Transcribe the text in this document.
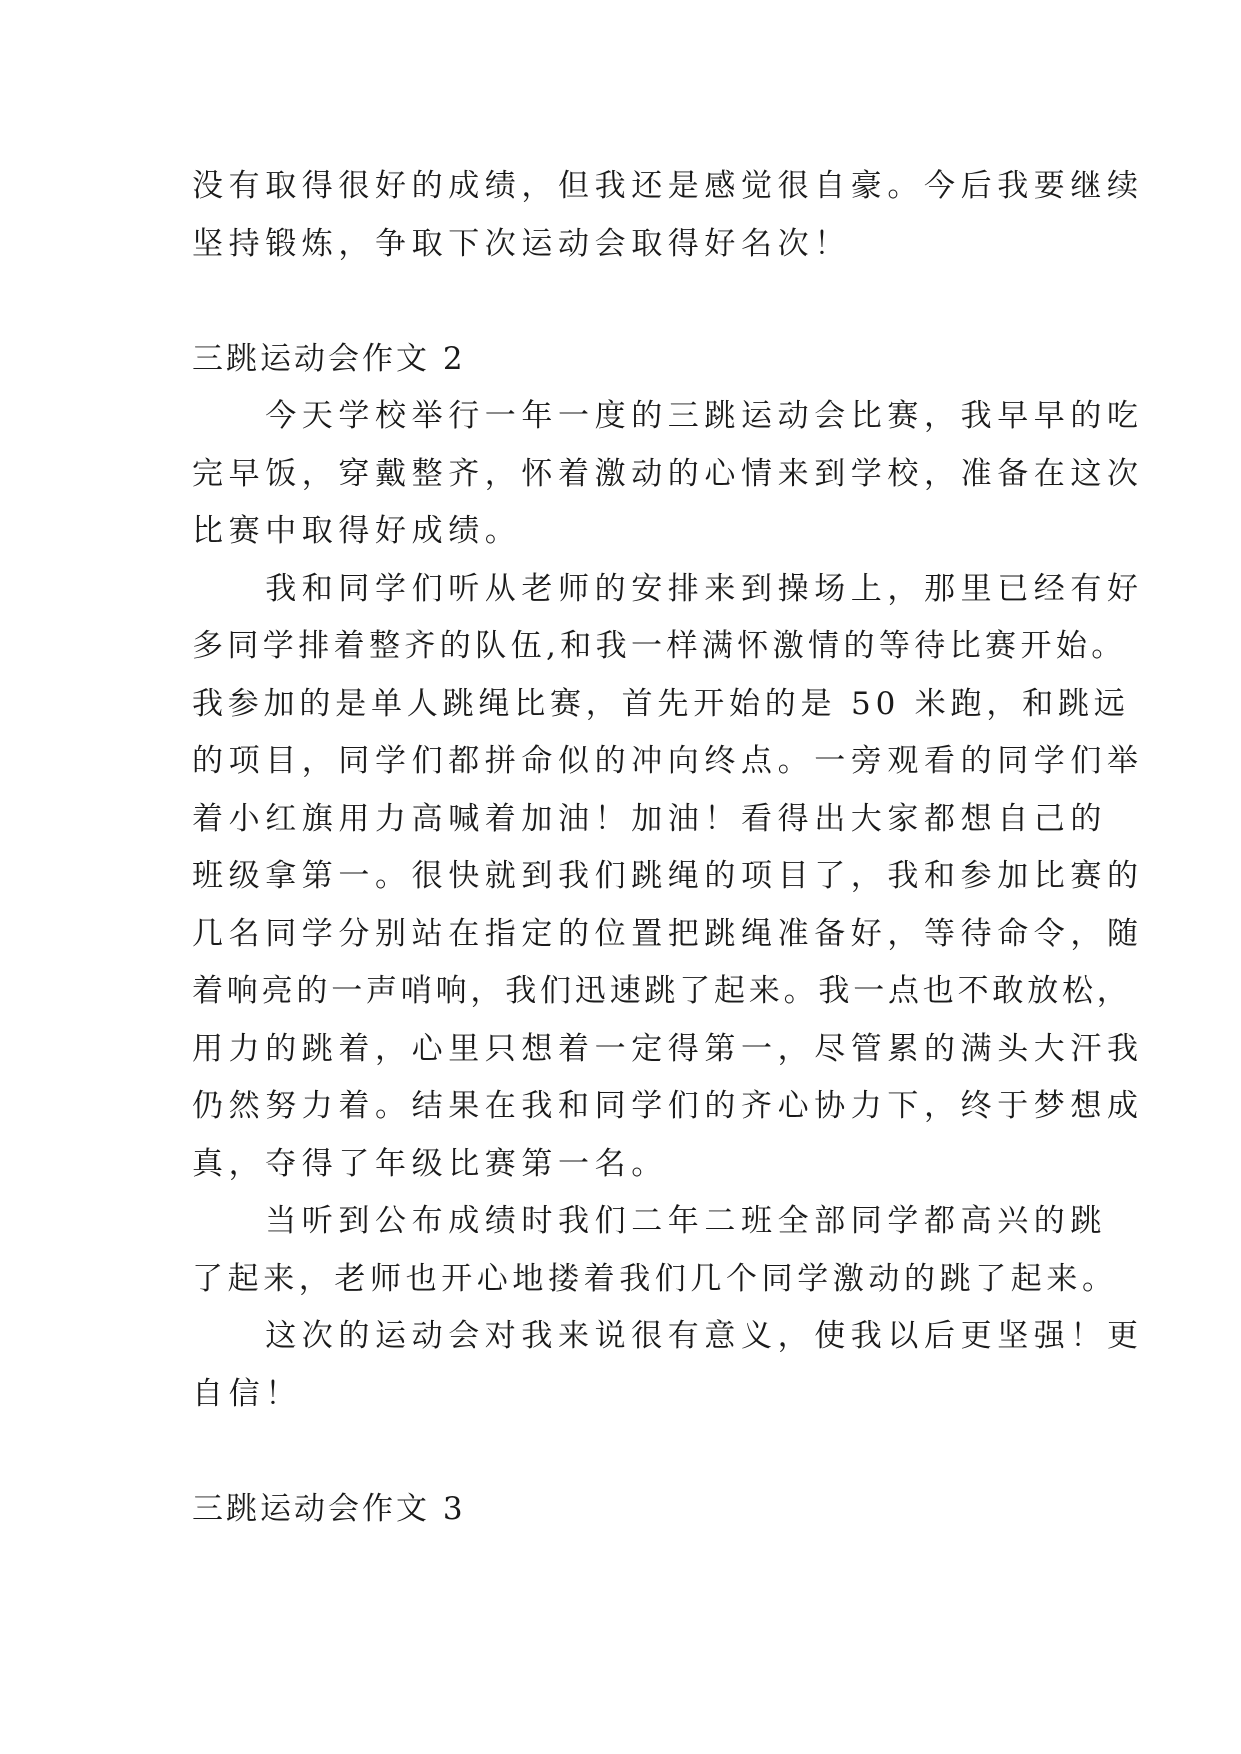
没有取得很好的成绩，但我还是感觉很自豪。今后我要继续

坚持锻炼，争取下次运动会取得好名次！

三跳运动会作文 2

　　今天学校举行一年一度的三跳运动会比赛，我早早的吃

完早饭，穿戴整齐，怀着激动的心情来到学校，准备在这次

比赛中取得好成绩。

　　我和同学们听从老师的安排来到操场上，那里已经有好

多同学排着整齐的队伍,和我一样满怀激情的等待比赛开始。

我参加的是单人跳绳比赛，首先开始的是 50 米跑，和跳远

的项目，同学们都拼命似的冲向终点。一旁观看的同学们举

着小红旗用力高喊着加油！加油！看得出大家都想自己的

班级拿第一。很快就到我们跳绳的项目了，我和参加比赛的

几名同学分别站在指定的位置把跳绳准备好，等待命令，随

着响亮的一声哨响，我们迅速跳了起来。我一点也不敢放松，

用力的跳着，心里只想着一定得第一，尽管累的满头大汗我

仍然努力着。结果在我和同学们的齐心协力下，终于梦想成

真，夺得了年级比赛第一名。

　　当听到公布成绩时我们二年二班全部同学都高兴的跳

了起来，老师也开心地搂着我们几个同学激动的跳了起来。

　　这次的运动会对我来说很有意义，使我以后更坚强！更

自信！

三跳运动会作文 3
